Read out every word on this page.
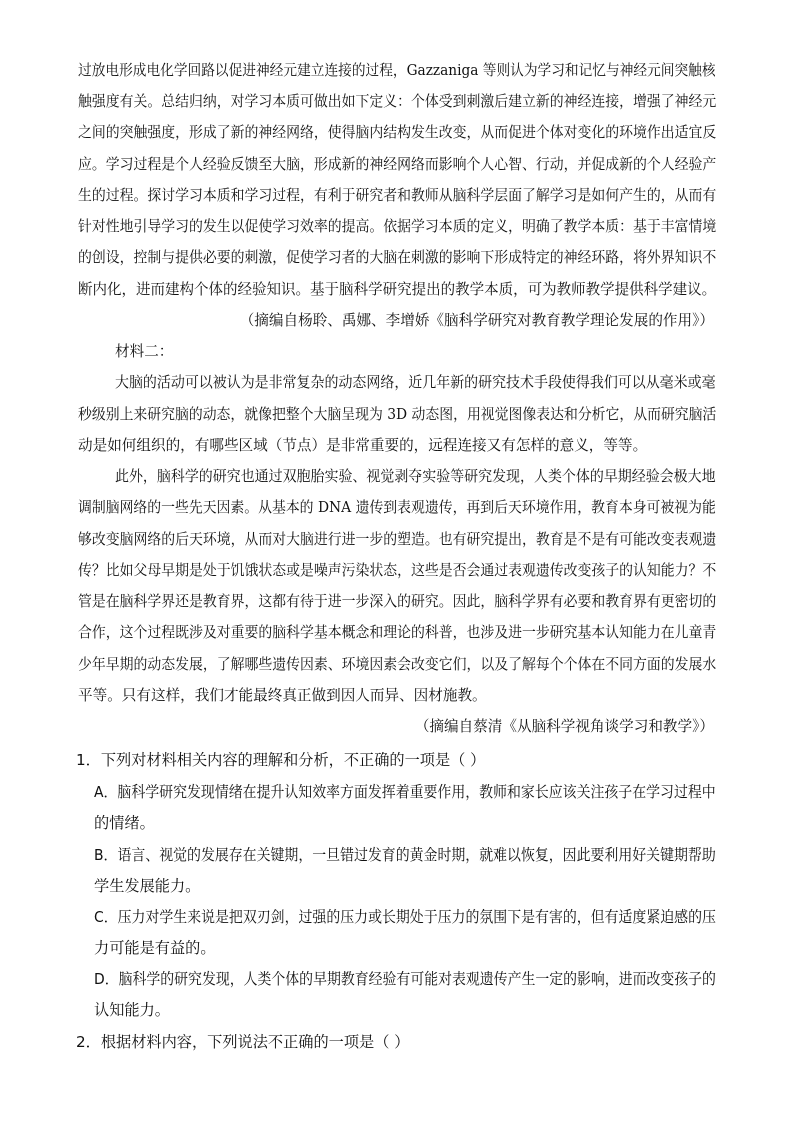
过放电形成电化学回路以促进神经元建立连接的过程，Gazzaniga 等则认为学习和记忆与神经元间突触核
触强度有关。总结归纳，对学习本质可做出如下定义：个体受到刺激后建立新的神经连接，增强了神经元
之间的突触强度，形成了新的神经网络，使得脑内结构发生改变，从而促进个体对变化的环境作出适宜反
应。学习过程是个人经验反馈至大脑，形成新的神经网络而影响个人心智、行动，并促成新的个人经验产
生的过程。探讨学习本质和学习过程，有利于研究者和教师从脑科学层面了解学习是如何产生的，从而有
针对性地引导学习的发生以促使学习效率的提高。依据学习本质的定义，明确了教学本质：基于丰富情境
的创设，控制与提供必要的刺激，促使学习者的大脑在刺激的影响下形成特定的神经环路，将外界知识不
断内化，进而建构个体的经验知识。基于脑科学研究提出的教学本质，可为教师教学提供科学建议。
（摘编自杨聆、禹娜、李增娇《脑科学研究对教育教学理论发展的作用》）
材料二：
大脑的活动可以被认为是非常复杂的动态网络，近几年新的研究技术手段使得我们可以从毫米或毫
秒级别上来研究脑的动态，就像把整个大脑呈现为 3D 动态图，用视觉图像表达和分析它，从而研究脑活
动是如何组织的，有哪些区域（节点）是非常重要的，远程连接又有怎样的意义，等等。
此外，脑科学的研究也通过双胞胎实验、视觉剥夺实验等研究发现，人类个体的早期经验会极大地
调制脑网络的一些先天因素。从基本的 DNA 遗传到表观遗传，再到后天环境作用，教育本身可被视为能
够改变脑网络的后天环境，从而对大脑进行进一步的塑造。也有研究提出，教育是不是有可能改变表观遗
传？比如父母早期是处于饥饿状态或是噪声污染状态，这些是否会通过表观遗传改变孩子的认知能力？不
管是在脑科学界还是教育界，这都有待于进一步深入的研究。因此，脑科学界有必要和教育界有更密切的
合作，这个过程既涉及对重要的脑科学基本概念和理论的科普，也涉及进一步研究基本认知能力在儿童青
少年早期的动态发展，了解哪些遗传因素、环境因素会改变它们，以及了解每个个体在不同方面的发展水
平等。只有这样，我们才能最终真正做到因人而异、因材施教。
（摘编自蔡清《从脑科学视角谈学习和教学》）
1．下列对材料相关内容的理解和分析，不正确的一项是（ ）
A．脑科学研究发现情绪在提升认知效率方面发挥着重要作用，教师和家长应该关注孩子在学习过程中
的情绪。
B．语言、视觉的发展存在关键期，一旦错过发育的黄金时期，就难以恢复，因此要利用好关键期帮助
学生发展能力。
C．压力对学生来说是把双刃剑，过强的压力或长期处于压力的氛围下是有害的，但有适度紧迫感的压
力可能是有益的。
D．脑科学的研究发现，人类个体的早期教育经验有可能对表观遗传产生一定的影响，进而改变孩子的
认知能力。
2．根据材料内容，下列说法不正确的一项是（ ）
